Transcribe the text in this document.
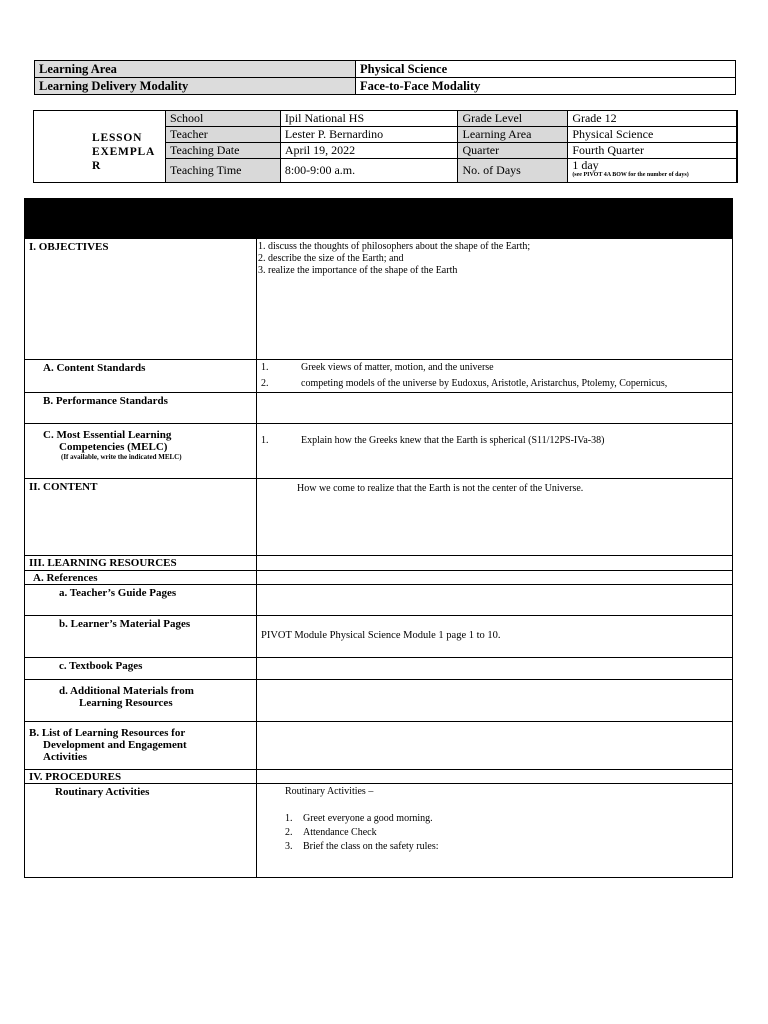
Learning Area	Physical Science
Learning Delivery Modality	Face-to-Face Modality
LESSON EXEMPLA R
School	Ipil National HS	Grade Level	Grade 12
Teacher	Lester P. Bernardino	Learning Area	Physical Science
Teaching Date	April 19, 2022	Quarter	Fourth Quarter

Teaching Time	8:00-9:00 a.m.	No. of Days	1 day
(see PIVOT 4A BOW for the number of days)

I. OBJECTIVES	1. discuss the thoughts of philosophers about the shape of the Earth;
2. describe the size of the Earth; and
3. realize the importance of the shape of the Earth

A. Content Standards	1. Greek views of matter, motion, and the universe
2. competing models of the universe by Eudoxus, Aristotle, Aristarchus, Ptolemy, Copernicus,

B. Performance Standards	

C. Most Essential Learning
Competencies (MELC)
(If available, write the indicated MELC)	1. Explain how the Greeks knew that the Earth is spherical (S11/12PS-IVa-38)

II. CONTENT	How we come to realize that the Earth is not the center of the Universe.

III. LEARNING RESOURCES	

A. References	

a. Teacher’s Guide Pages	

b. Learner’s Material Pages	PIVOT Module Physical Science Module 1 page 1 to 10.

c. Textbook Pages	

d. Additional Materials from
Learning Resources	

B. List of Learning Resources for
Development and Engagement
Activities	

IV. PROCEDURES	

Routinary Activities	Routinary Activities –
1. Greet everyone a good morning.
2. Attendance Check
3. Brief the class on the safety rules:
